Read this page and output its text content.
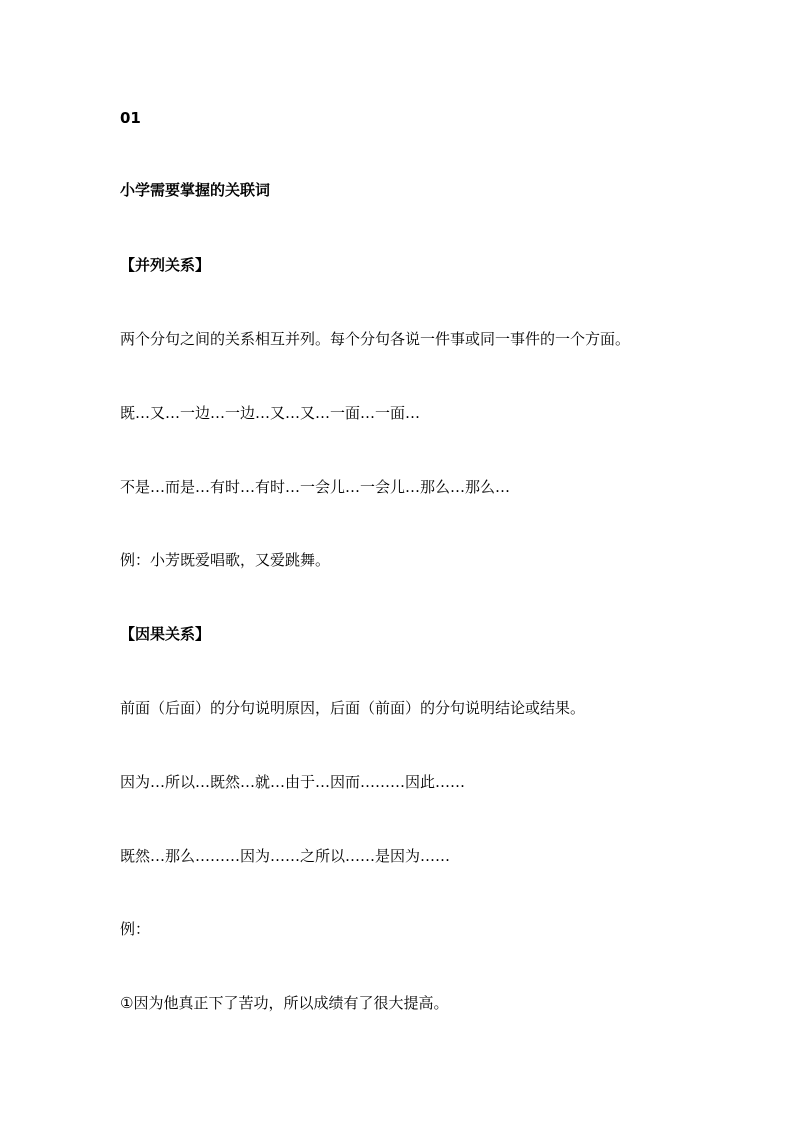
01
小学需要掌握的关联词
【并列关系】
两个分句之间的关系相互并列。每个分句各说一件事或同一事件的一个方面。
既…又…一边…一边…又…又…一面…一面…
不是…而是…有时…有时…一会儿…一会儿…那么…那么…
例：小芳既爱唱歌，又爱跳舞。
【因果关系】
前面（后面）的分句说明原因，后面（前面）的分句说明结论或结果。
因为…所以…既然…就…由于…因而………因此……
既然…那么………因为……之所以……是因为……
例：
①因为他真正下了苦功，所以成绩有了很大提高。
